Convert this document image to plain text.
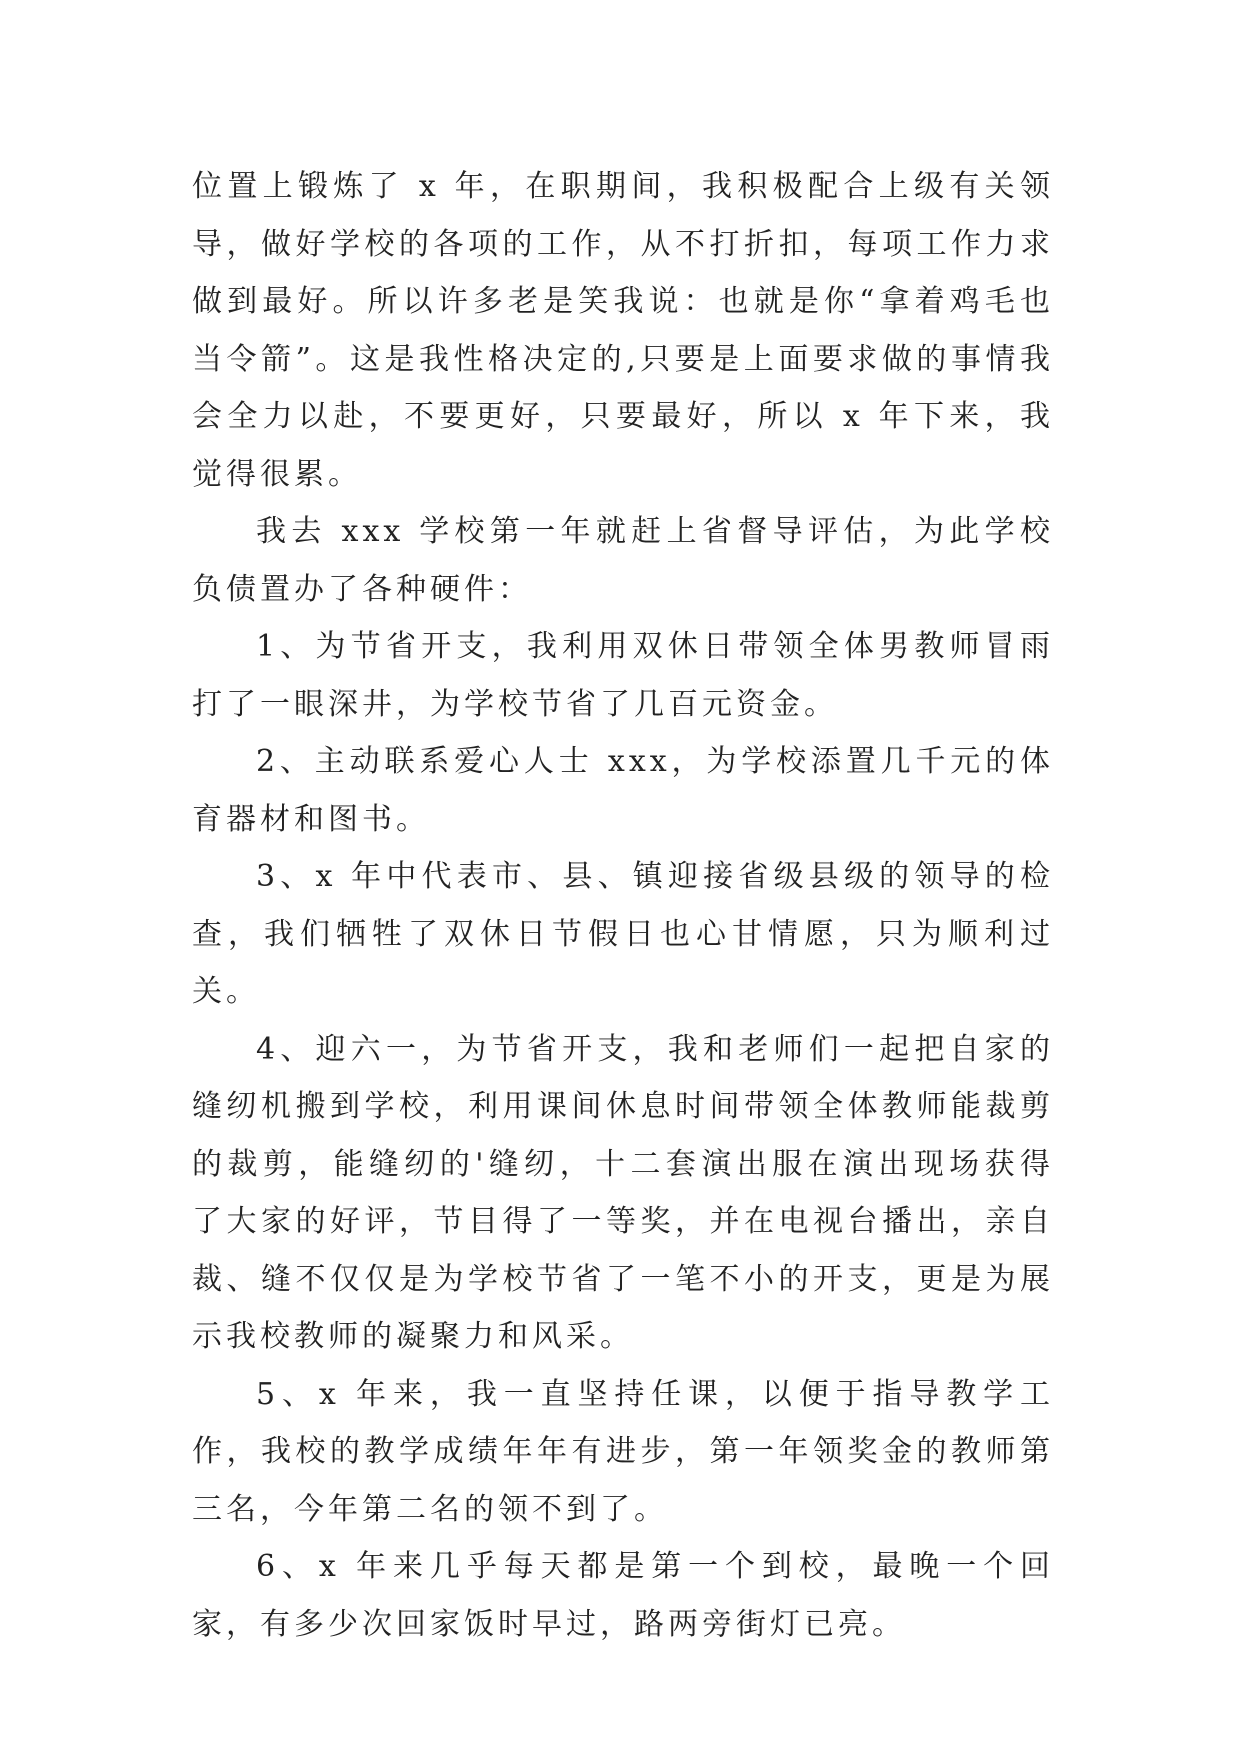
位置上锻炼了 x 年，在职期间，我积极配合上级有关领导，做好学校的各项的工作，从不打折扣，每项工作力求做到最好。所以许多老是笑我说：也就是你“拿着鸡毛也当令箭”。这是我性格决定的,只要是上面要求做的事情我会全力以赴，不要更好，只要最好，所以 x 年下来，我觉得很累。

我去 xxx 学校第一年就赶上省督导评估，为此学校负债置办了各种硬件：

1、为节省开支，我利用双休日带领全体男教师冒雨打了一眼深井，为学校节省了几百元资金。

2、主动联系爱心人士 xxx，为学校添置几千元的体育器材和图书。

3、x 年中代表市、县、镇迎接省级县级的领导的检查，我们牺牲了双休日节假日也心甘情愿，只为顺利过关。

4、迎六一，为节省开支，我和老师们一起把自家的缝纫机搬到学校，利用课间休息时间带领全体教师能裁剪的裁剪，能缝纫的'缝纫，十二套演出服在演出现场获得了大家的好评，节目得了一等奖，并在电视台播出，亲自裁、缝不仅仅是为学校节省了一笔不小的开支，更是为展示我校教师的凝聚力和风采。

5、x 年来，我一直坚持任课，以便于指导教学工作，我校的教学成绩年年有进步，第一年领奖金的教师第三名，今年第二名的领不到了。

6、x 年来几乎每天都是第一个到校，最晚一个回家，有多少次回家饭时早过，路两旁街灯已亮。
